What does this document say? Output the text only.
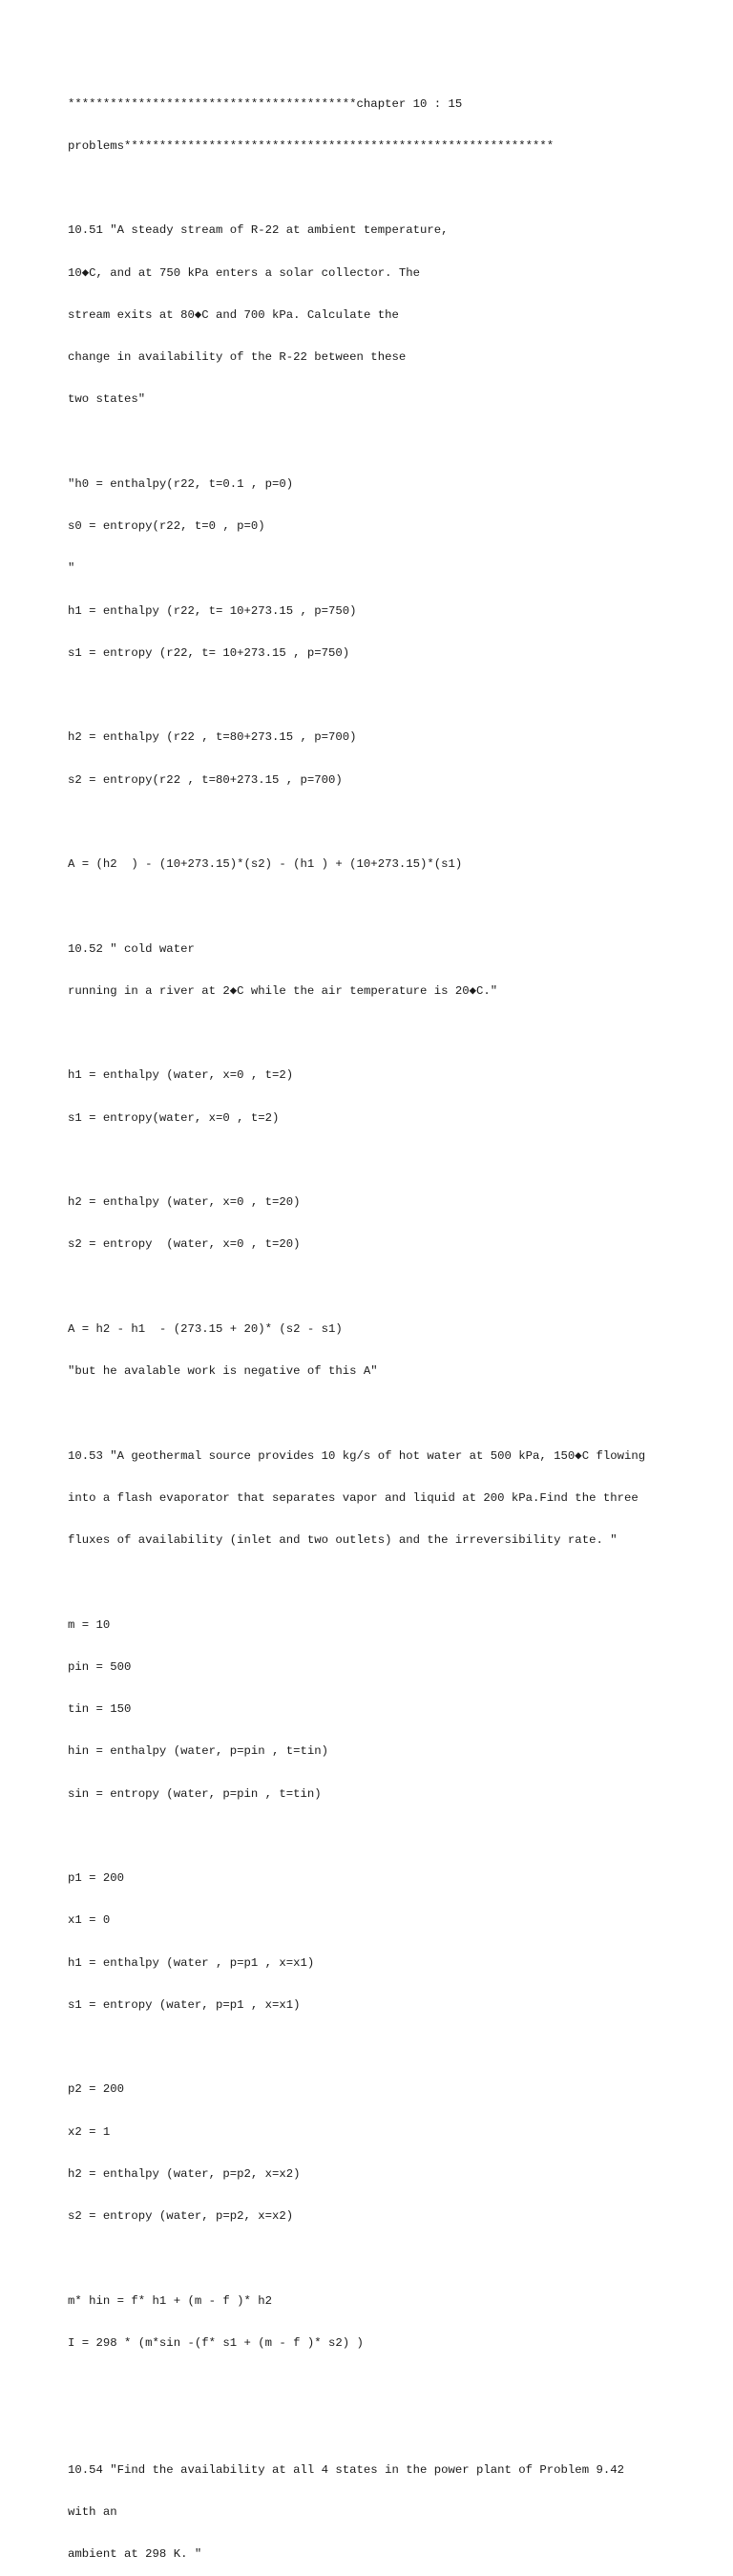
*****************************************chapter 10 : 15

problems*************************************************************

10.51 "A steady stream of R-22 at ambient temperature,

10◆C, and at 750 kPa enters a solar collector. The

stream exits at 80◆C and 700 kPa. Calculate the

change in availability of the R-22 between these

two states"

"h0 = enthalpy(r22, t=0.1 , p=0)

s0 = entropy(r22, t=0 , p=0)

"

h1 = enthalpy (r22, t= 10+273.15 , p=750)

s1 = entropy (r22, t= 10+273.15 , p=750)

h2 = enthalpy (r22 , t=80+273.15 , p=700)

s2 = entropy(r22 , t=80+273.15 , p=700)

A = (h2  ) - (10+273.15)*(s2) - (h1 ) + (10+273.15)*(s1)

10.52 " cold water

running in a river at 2◆C while the air temperature is 20◆C."

h1 = enthalpy (water, x=0 , t=2)

s1 = entropy(water, x=0 , t=2)

h2 = enthalpy (water, x=0 , t=20)

s2 = entropy  (water, x=0 , t=20)

A = h2 - h1  - (273.15 + 20)* (s2 - s1)

"but he avalable work is negative of this A"

10.53 "A geothermal source provides 10 kg/s of hot water at 500 kPa, 150◆C flowing

into a flash evaporator that separates vapor and liquid at 200 kPa.Find the three

fluxes of availability (inlet and two outlets) and the irreversibility rate. "

m = 10

pin = 500

tin = 150

hin = enthalpy (water, p=pin , t=tin)

sin = entropy (water, p=pin , t=tin)

p1 = 200

x1 = 0

h1 = enthalpy (water , p=p1 , x=x1)

s1 = entropy (water, p=p1 , x=x1)

p2 = 200

x2 = 1

h2 = enthalpy (water, p=p2, x=x2)

s2 = entropy (water, p=p2, x=x2)

m* hin = f* h1 + (m - f )* h2

I = 298 * (m*sin -(f* s1 + (m - f )* s2) )

10.54 "Find the availability at all 4 states in the power plant of Problem 9.42

with an

ambient at 298 K. "
